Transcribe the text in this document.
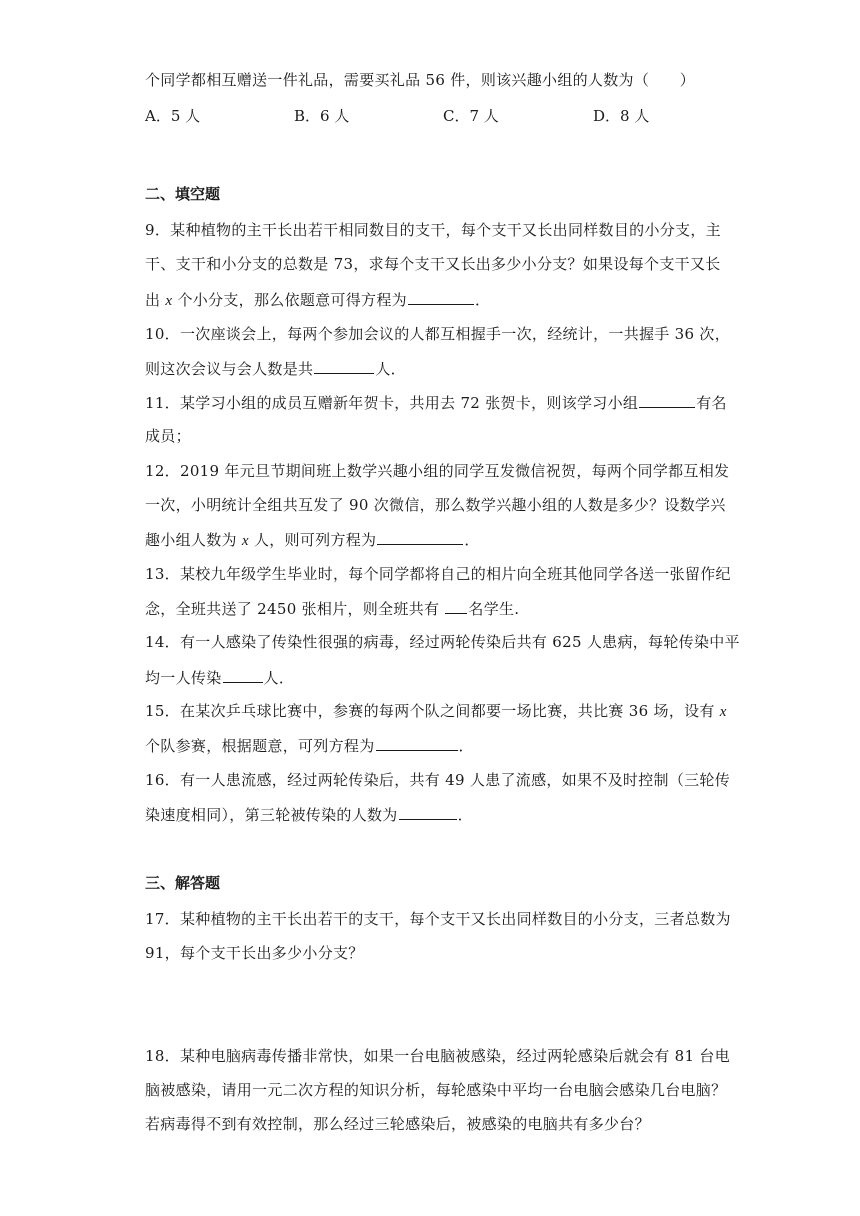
个同学都相互赠送一件礼品，需要买礼品 56 件，则该兴趣小组的人数为（　　）
A．5 人	B．6 人	C．7 人	D．8 人
二、填空题
9．某种植物的主干长出若干相同数目的支干，每个支干又长出同样数目的小分支，主
干、支干和小分支的总数是 73，求每个支干又长出多少小分支？如果设每个支干又长
出 x 个小分支，那么依题意可得方程为	．
10．一次座谈会上，每两个参加会议的人都互相握手一次，经统计，一共握手 36 次，
则这次会议与会人数是共	人．
11．某学习小组的成员互赠新年贺卡，共用去 72 张贺卡，则该学习小组	有名
成员；
12．2019 年元旦节期间班上数学兴趣小组的同学互发微信祝贺，每两个同学都互相发
一次，小明统计全组共互发了 90 次微信，那么数学兴趣小组的人数是多少？设数学兴
趣小组人数为 x 人，则可列方程为	．
13．某校九年级学生毕业时，每个同学都将自己的相片向全班其他同学各送一张留作纪
念，全班共送了 2450 张相片，则全班共有 名学生.
14．有一人感染了传染性很强的病毒，经过两轮传染后共有 625 人患病，每轮传染中平
均一人传染	人．
15．在某次乒乓球比赛中，参赛的每两个队之间都要一场比赛，共比赛 36 场，设有 x
个队参赛，根据题意，可列方程为	．
16．有一人患流感，经过两轮传染后，共有 49 人患了流感，如果不及时控制（三轮传
染速度相同），第三轮被传染的人数为	．
三、解答题
17．某种植物的主干长出若干的支干，每个支干又长出同样数目的小分支，三者总数为
91，每个支干长出多少小分支？
18．某种电脑病毒传播非常快，如果一台电脑被感染，经过两轮感染后就会有 81 台电
脑被感染，请用一元二次方程的知识分析，每轮感染中平均一台电脑会感染几台电脑？
若病毒得不到有效控制，那么经过三轮感染后，被感染的电脑共有多少台？
